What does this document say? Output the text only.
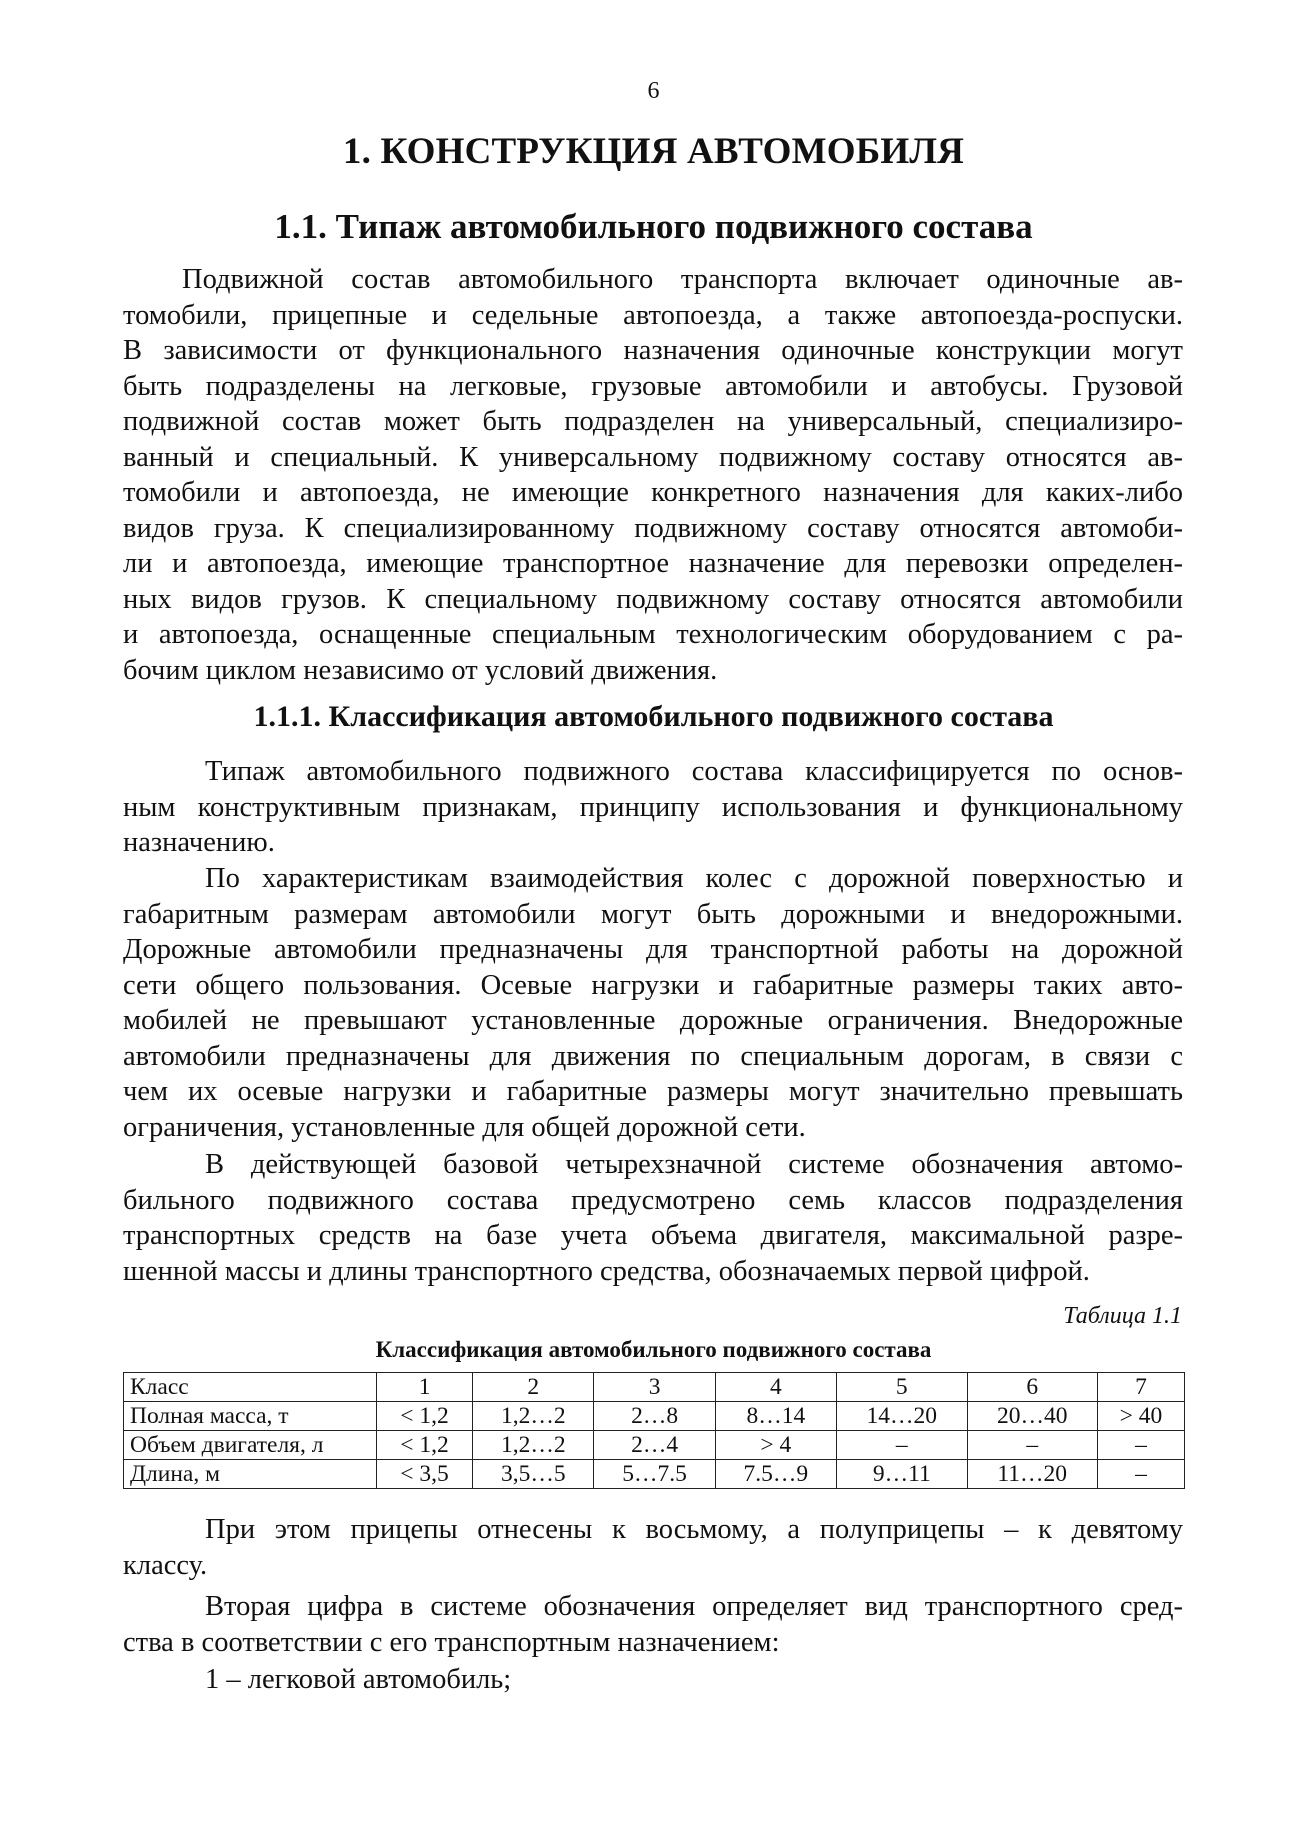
6
1. КОНСТРУКЦИЯ АВТОМОБИЛЯ
1.1. Типаж автомобильного подвижного состава
Подвижной состав автомобильного транспорта включает одиночные ав-
томобили, прицепные и седельные автопоезда, а также автопоезда-роспуски.
В зависимости от функционального назначения одиночные конструкции могут
быть подразделены на легковые, грузовые автомобили и автобусы. Грузовой
подвижной состав может быть подразделен на универсальный, специализиро-
ванный и специальный. К универсальному подвижному составу относятся ав-
томобили и автопоезда, не имеющие конкретного назначения для каких-либо
видов груза. К специализированному подвижному составу относятся автомоби-
ли и автопоезда, имеющие транспортное назначение для перевозки определен-
ных видов грузов. К специальному подвижному составу относятся автомобили
и автопоезда, оснащенные специальным технологическим оборудованием с ра-
бочим циклом независимо от условий движения.
1.1.1. Классификация автомобильного подвижного состава
Типаж автомобильного подвижного состава классифицируется по основ-
ным конструктивным признакам, принципу использования и функциональному
назначению.
По характеристикам взаимодействия колес с дорожной поверхностью и
габаритным размерам автомобили могут быть дорожными и внедорожными.
Дорожные автомобили предназначены для транспортной работы на дорожной
сети общего пользования. Осевые нагрузки и габаритные размеры таких авто-
мобилей не превышают установленные дорожные ограничения. Внедорожные
автомобили предназначены для движения по специальным дорогам, в связи с
чем их осевые нагрузки и габаритные размеры могут значительно превышать
ограничения, установленные для общей дорожной сети.
В действующей базовой четырехзначной системе обозначения автомо-
бильного подвижного состава предусмотрено семь классов подразделения
транспортных средств на базе учета объема двигателя, максимальной разре-
шенной массы и длины транспортного средства, обозначаемых первой цифрой.
Таблица 1.1
Классификация автомобильного подвижного состава
Класс	1	2	3	4	5	6	7
Полная масса, т	< 1,2	1,2…2	2…8	8…14	14…20	20…40	> 40
Объем двигателя, л	< 1,2	1,2…2	2…4	> 4	–	–	–
Длина, м	< 3,5	3,5…5	5…7.5	7.5…9	9…11	11…20	–
При этом прицепы отнесены к восьмому, а полуприцепы – к девятому
классу.
Вторая цифра в системе обозначения определяет вид транспортного сред-
ства в соответствии с его транспортным назначением:
1 – легковой автомобиль;
